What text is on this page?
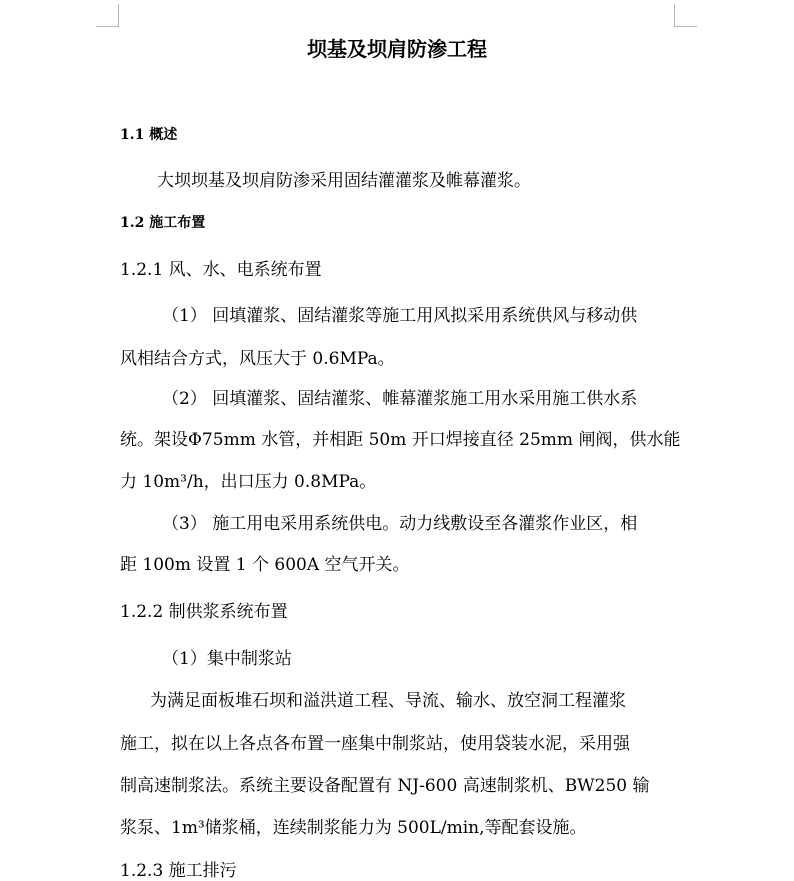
坝基及坝肩防渗工程
1.1 概述
大坝坝基及坝肩防渗采用固结灌灌浆及帷幕灌浆。
1.2 施工布置
1.2.1 风、水、电系统布置
（1） 回填灌浆、固结灌浆等施工用风拟采用系统供风与移动供
风相结合方式，风压大于 0.6MPa。
（2） 回填灌浆、固结灌浆、帷幕灌浆施工用水采用施工供水系
统。架设Φ75mm 水管，并相距 50m 开口焊接直径 25mm 闸阀，供水能
力 10m³/h，出口压力 0.8MPa。
（3） 施工用电采用系统供电。动力线敷设至各灌浆作业区，相
距 100m 设置 1 个 600A 空气开关。
1.2.2 制供浆系统布置
（1）集中制浆站
为满足面板堆石坝和溢洪道工程、导流、输水、放空洞工程灌浆
施工，拟在以上各点各布置一座集中制浆站，使用袋装水泥，采用强
制高速制浆法。系统主要设备配置有 NJ-600 高速制浆机、BW250 输
浆泵、1m³储浆桶，连续制浆能力为 500L/min,等配套设施。
1.2.3 施工排污
